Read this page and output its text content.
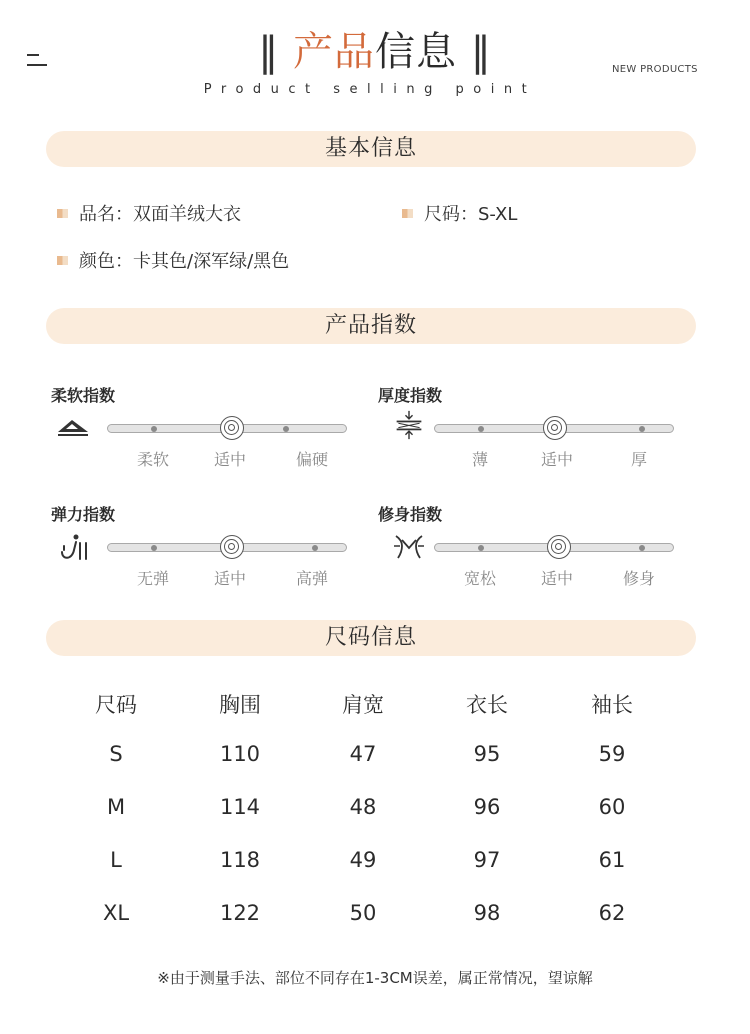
‖ 产品信息 ‖
Product selling point
NEW PRODUCTS
基本信息
品名：双面羊绒大衣	尺码：S-XL
颜色：卡其色/深军绿/黑色
产品指数
柔软指数
柔软	适中	偏硬
厚度指数
薄	适中	厚
弹力指数
无弹	适中	高弹
修身指数
宽松	适中	修身
尺码信息
尺码	胸围	肩宽	衣长	袖长
S	110	47	95	59
M	114	48	96	60
L	118	49	97	61
XL	122	50	98	62
※由于测量手法、部位不同存在1-3CM误差，属正常情况，望谅解
